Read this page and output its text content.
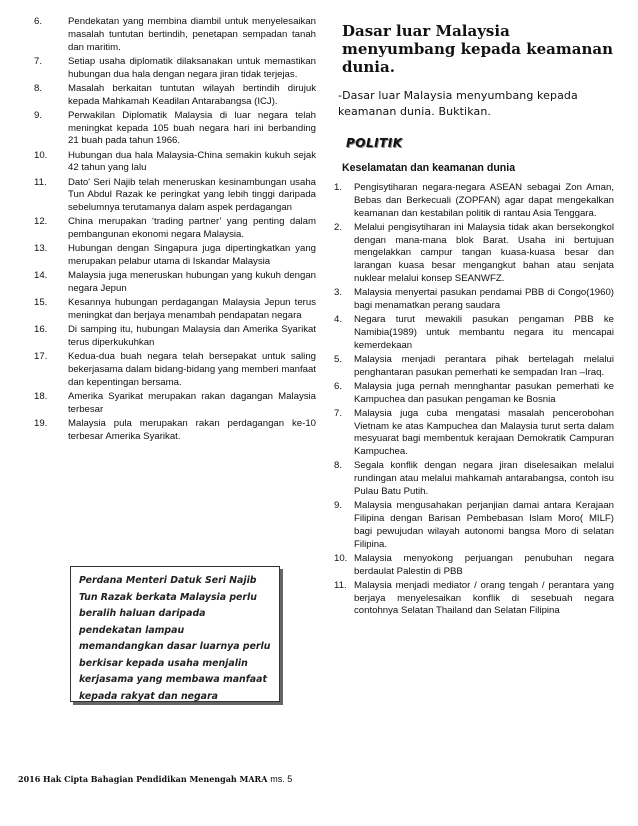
6.	Pendekatan yang membina diambil untuk menyelesaikan masalah tuntutan bertindih, penetapan sempadan tanah dan maritim.
7.	Setiap usaha diplomatik dilaksanakan untuk memastikan hubungan dua hala dengan negara jiran tidak terjejas.
8.	Masalah berkaitan tuntutan wilayah bertindih dirujuk kepada Mahkamah Keadilan Antarabangsa (ICJ).
9.	Perwakilan Diplomatik Malaysia di luar negara telah meningkat kepada 105 buah negara hari ini berbanding 21 buah pada tahun 1966.
10.	Hubungan dua hala Malaysia-China semakin kukuh sejak 42 tahun yang lalu
11.	Dato' Seri Najib telah meneruskan kesinambungan usaha Tun Abdul Razak ke peringkat yang lebih tinggi daripada sebelumnya terutamanya dalam aspek perdagangan
12.	China merupakan ‘trading partner’ yang penting dalam pembangunan ekonomi negara Malaysia.
13.	Hubungan dengan Singapura juga dipertingkatkan yang merupakan pelabur utama di Iskandar Malaysia
14.	Malaysia juga meneruskan hubungan yang kukuh dengan negara Jepun
15.	Kesannya hubungan perdagangan Malaysia Jepun terus meningkat dan berjaya menambah pendapatan negara
16.	Di samping itu, hubungan Malaysia dan Amerika Syarikat terus diperkukuhkan
17.	Kedua-dua buah negara telah bersepakat untuk saling bekerjasama dalam bidang-bidang yang memberi manfaat dan kepentingan bersama.
18.	Amerika Syarikat merupakan rakan dagangan Malaysia terbesar
19.	Malaysia pula merupakan rakan perdagangan ke-10 terbesar Amerika Syarikat.
Perdana Menteri Datuk Seri Najib Tun Razak berkata Malaysia perlu beralih haluan daripada pendekatan lampau memandangkan dasar luarnya perlu berkisar kepada usaha menjalin kerjasama yang membawa manfaat kepada rakyat dan negara
Dasar luar Malaysia menyumbang kepada keamanan dunia.
-Dasar luar Malaysia menyumbang kepada keamanan dunia. Buktikan.
POLITIK
Keselamatan dan keamanan dunia
1.	Pengisytiharan negara-negara ASEAN sebagai Zon Aman, Bebas dan Berkecuali (ZOPFAN) agar dapat mengekalkan keamanan dan kestabilan politik di rantau Asia Tenggara.
2.	Melalui pengisytiharan ini Malaysia tidak akan bersekongkol dengan mana-mana blok Barat. Usaha ini bertujuan mengelakkan campur tangan kuasa-kuasa besar dan larangan kuasa besar mengangkut bahan atau senjata nuklear melalui konsep SEANWFZ.
3.	Malaysia menyertai pasukan pendamai PBB di Congo(1960) bagi menamatkan perang saudara
4.	Negara turut mewakili pasukan pengaman PBB ke Namibia(1989) untuk membantu negara itu mencapai kemerdekaan
5.	Malaysia menjadi perantara pihak bertelagah melalui penghantaran pasukan pemerhati ke sempadan Iran –Iraq.
6.	Malaysia juga pernah mennghantar pasukan pemerhati ke Kampuchea dan pasukan pengaman ke Bosnia
7.	Malaysia juga cuba mengatasi masalah pencerobohan Vietnam ke atas Kampuchea dan Malaysia turut serta dalam mesyuarat bagi membentuk kerajaan Demokratik Campuran Kampuchea.
8.	Segala konflik dengan negara jiran diselesaikan melalui rundingan atau melalui mahkamah antarabangsa, contoh isu Pulau Batu Putih.
9.	Malaysia mengusahakan perjanjian damai antara Kerajaan Filipina dengan Barisan Pembebasan Islam Moro( MILF) bagi pewujudan wilayah autonomi bangsa Moro di selatan Filipina.
10. Malaysia menyokong perjuangan penubuhan negara berdaulat Palestin di PBB
11. Malaysia menjadi mediator / orang tengah / perantara yang berjaya menyelesaikan konflik di sesebuah negara contohnya Selatan Thailand dan Selatan Filipina
2016 Hak Cipta Bahagian Pendidikan Menengah MARA ms. 5
